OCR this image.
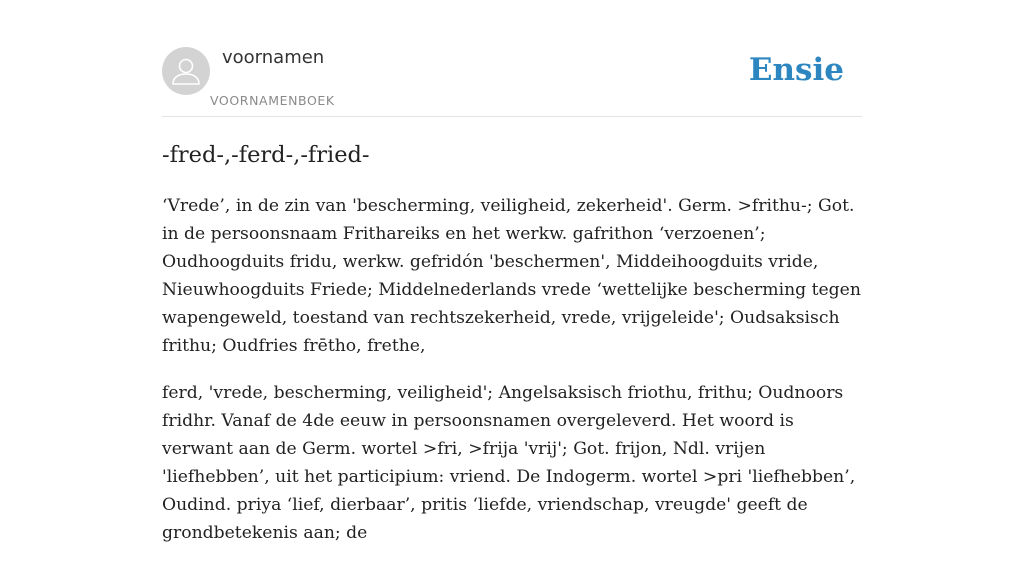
voornamen
VOORNAMENBOEK
Ensie
-fred-,-ferd-,-fried-

‘Vrede’, in de zin van 'bescherming, veiligheid, zekerheid'. Germ. >frithu-; Got. in de persoonsnaam Frithareiks en het werkw. gafrithon ‘verzoenen’; Oudhoogduits fridu, werkw. gefridón 'beschermen', Middeihoogduits vride, Nieuwhoogduits Friede; Middelnederlands vrede ‘wettelijke bescherming tegen wapengeweld, toestand van rechtszekerheid, vrede, vrijgeleide'; Oudsaksisch frithu; Oudfries frētho, frethe,

ferd, 'vrede, bescherming, veiligheid'; Angelsaksisch friothu, frithu; Oudnoors fridhr. Vanaf de 4de eeuw in persoonsnamen overgeleverd. Het woord is verwant aan de Germ. wortel >fri, >frija 'vrij'; Got. frijon, Ndl. vrijen 'liefhebben’, uit het participium: vriend. De Indogerm. wortel >pri 'liefhebben’, Oudind. priya ‘lief, dierbaar’, pritis ‘liefde, vriendschap, vreugde' geeft de grondbetekenis aan; de
